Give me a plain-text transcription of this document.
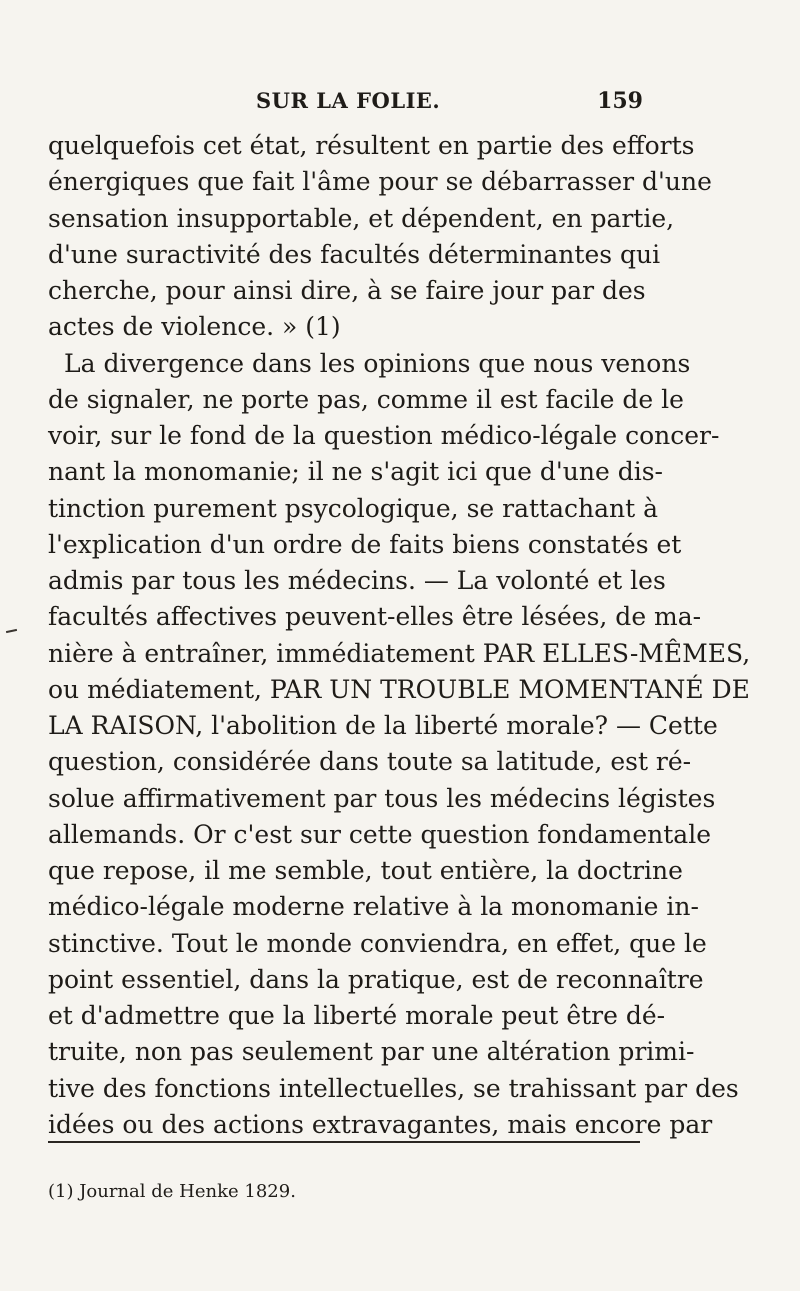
SUR LA FOLIE.	159
quelquefois cet état, résultent en partie des efforts
énergiques que fait l'âme pour se débarrasser d'une
sensation insupportable, et dépendent, en partie,
d'une suractivité des facultés déterminantes qui
cherche, pour ainsi dire, à se faire jour par des
actes de violence. » (1)
La divergence dans les opinions que nous venons
de signaler, ne porte pas, comme il est facile de le
voir, sur le fond de la question médico-légale concer-
nant la monomanie; il ne s'agit ici que d'une dis-
tinction purement psycologique, se rattachant à
l'explication d'un ordre de faits biens constatés et
admis par tous les médecins. — La volonté et les
facultés affectives peuvent-elles être lésées, de ma-
nière à entraîner, immédiatement PAR ELLES-MÊMES,
ou médiatement, PAR UN TROUBLE MOMENTANÉ DE
LA RAISON, l'abolition de la liberté morale? — Cette
question, considérée dans toute sa latitude, est ré-
solue affirmativement par tous les médecins légistes
allemands. Or c'est sur cette question fondamentale
que repose, il me semble, tout entière, la doctrine
médico-légale moderne relative à la monomanie in-
stinctive. Tout le monde conviendra, en effet, que le
point essentiel, dans la pratique, est de reconnaître
et d'admettre que la liberté morale peut être dé-
truite, non pas seulement par une altération primi-
tive des fonctions intellectuelles, se trahissant par des
idées ou des actions extravagantes, mais encore par
(1) Journal de Henke 1829.
